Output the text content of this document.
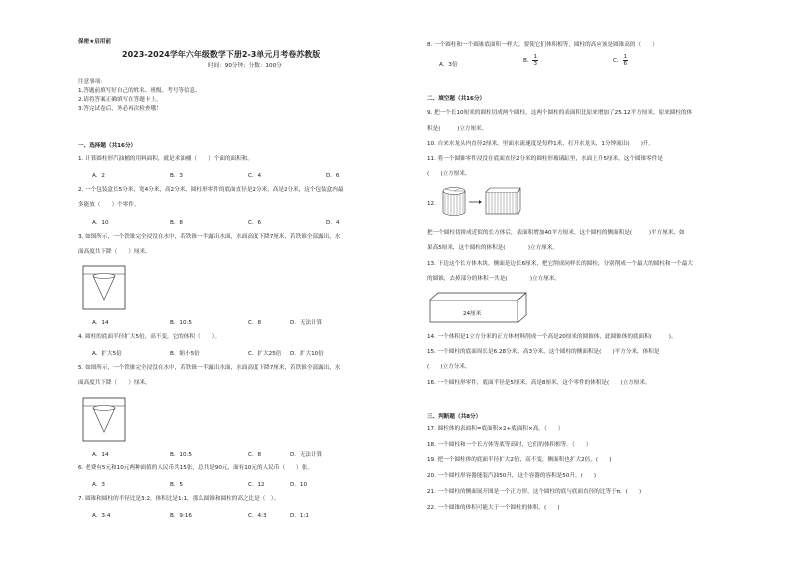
保密★启用前
2023-2024学年六年级数学下册2-3单元月考卷苏教版
时间：90分钟；分数：100分
注意事项：
1.答题前填写好自己的姓名、班级、考号等信息。
2.请将答案正确填写在答题卡上。
3.答完试卷后，务必再次检查哦！
一、选择题（共16分）
1. 计算圆柱形汽油桶的用料面积，就是求油桶（　　）个面的面积和。
A．2	B．3	C．4	D．6
2. 一个包装盒长5分米，宽4分米，高2分米，圆柱形零件的底面直径是2分米，高是2分米，这个包装盒内最
多能放（　　）个零件。
A．10	B．8	C．6	D．4
3. 如图所示，一个铁锥完全浸没在水中，若铁锥一半露出水面，水面高度下降7厘米，若铁锥全部露出，水
面高度共下降（　　）厘米。
A．14	B．10.5	C．8	D．无法计算
4. 圆柱的底面半径扩大5倍，高不变，它的体积（　　）。
A．扩大5倍	B．缩小5倍	C．扩大25倍 D．扩大10倍
5. 如图所示，一个铁锥完全浸没在水中，若铁锥一半露出水面，水面高度下降7厘米，若铁锥全部露出，水
面高度共下降（　　）厘米。
A．14	B．10.5	C．8	D．无法计算
6. 老费有5元和10元两种面值的人民币共15张，总共是90元，面有10元的人民币（　　）张。
A．3	B．5	C．12	D．10
7. 圆锥和圆柱的半径比是3:2，体积比是1:1，那么圆锥和圆柱的高之比是（　）。
A．3:4	B．9:16	C．4:3	D．1:1
8. 一个圆柱和一个圆锥底面积一样大，要使它们体积相等，圆柱的高应该是圆锥高的（　　）
A．3倍
B． $\frac{1}{3}$	C． $\frac{1}{6}$
二、填空题（共16分）
9. 把一个长10厘米的圆柱切成两个圆柱，这两个圆柱的表面积比原来增加了25.12平方厘米，原来圆柱的体
积是(　　　)立方厘米。
10. 自来水龙头内直径2厘米，里面水流速度是每秒1米，打开水龙头，1分钟流出(　　)升。
11. 将一个圆锥零件浸没在底面直径2分米的圆柱形玻璃缸里，水面上升5厘米，这个圆锥零件是
(　　)立方厘米。
12.
把一个圆柱切拼成近似的长方体后，表面积增加40平方厘米，这个圆柱的侧面积是(　　　)平方厘米，如
果高5厘米，这个圆柱的体积是(　　　　)立方厘米。
13. 下边这个长方体木块，侧面是边长6厘米，把它削成同样长的圆柱，分别削成一个最大的圆柱和一个最大
的圆锥，去掉部分的体积一共是(　　　　)立方厘米。
24厘米
14. 一个体积是1立方分米的正方体材料削成一个高是20厘米的圆锥体，此圆锥体的底面积(　　　)。
15. 一个圆柱的底面周长是6.28分米，高3分米，这个圆柱的侧面积是(　　)平方分米，体积是
(　　)立方分米。
16. 一个圆柱形零件，底面半径是5厘米，高是8厘米，这个零件的体积是(　　)立方厘米。
三、判断题（共8分）
17. 圆柱体的表面积=底面积×2+底面积×高。（　　）
18. 一个圆柱和一个长方体等底等高时，它们的体积相等。（　　）
19. 把一个圆柱体的底面半径扩大2倍，高不变，侧面积也扩大2倍。(　　)
20. 一个圆柱形容器能装汽油50升，这个容器的容积是50升。(　　)
21. 一个圆柱的侧面展开图是一个正方形，这个圆柱的底与底面直径的比等于π．(　　)
22. 一个圆锥的体积可能大于一个圆柱的体积。(　　)
